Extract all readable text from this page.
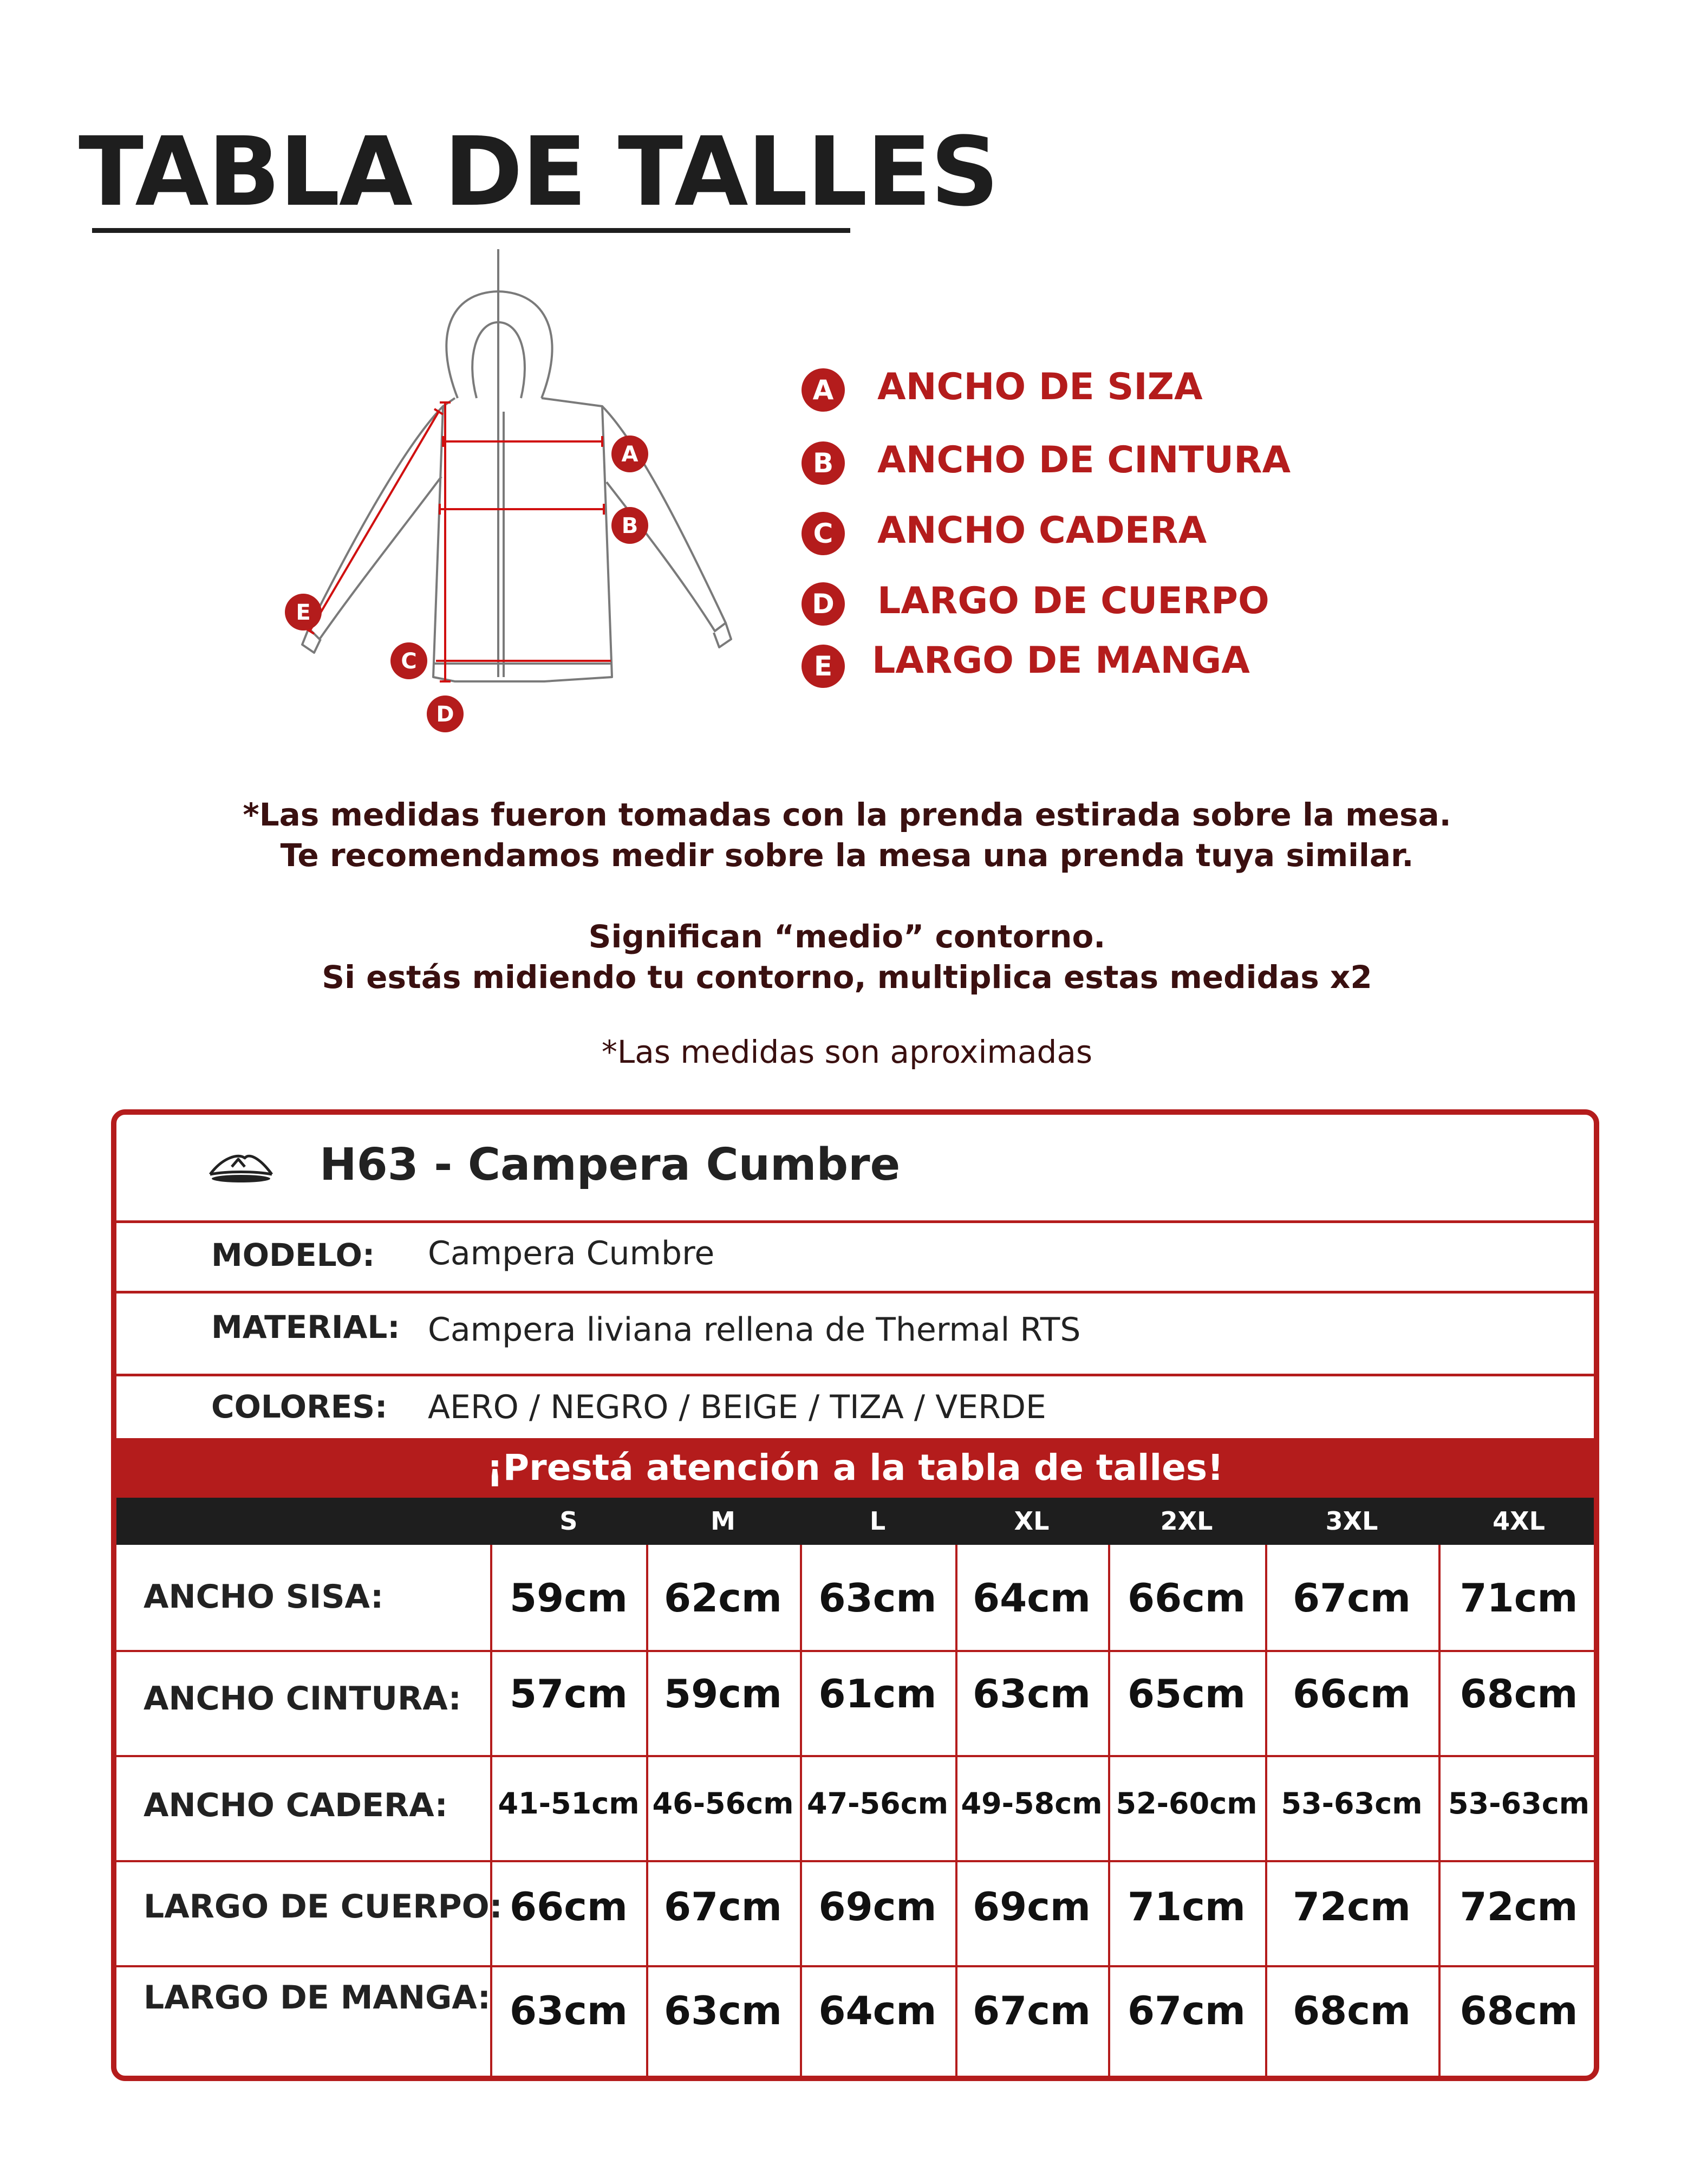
TABLA DE TALLES
A
B
C
D
E
A	ANCHO DE SIZA
B	ANCHO DE CINTURA
C	ANCHO CADERA
D LARGO DE CUERPO
E	LARGO DE MANGA
*Las medidas fueron tomadas con la prenda estirada sobre la mesa.
Te recomendamos medir sobre la mesa una prenda tuya similar.
Significan “medio” contorno.
Si estás midiendo tu contorno, multiplica estas medidas x2
*Las medidas son aproximadas
H63 - Campera Cumbre
MODELO: Campera Cumbre
MATERIAL: Campera liviana rellena de Thermal RTS
COLORES: AERO / NEGRO / BEIGE / TIZA / VERDE
¡Prestá atención a la tabla de talles!
S	M	L	XL	2XL	3XL	4XL
ANCHO SISA:	59cm 62cm 63cm 64cm 66cm	67cm	71cm
ANCHO CINTURA:	57cm 59cm 61cm 63cm 65cm	66cm	68cm
ANCHO CADERA: 41-51cm 46-56cm 47-56cm 49-58cm 52-60cm 53-63cm 53-63cm
LARGO DE CUERPO: 66cm 67cm 69cm 69cm 71cm	72cm	72cm
LARGO DE MANGA: 63cm 63cm 64cm 67cm 67cm	68cm	68cm
